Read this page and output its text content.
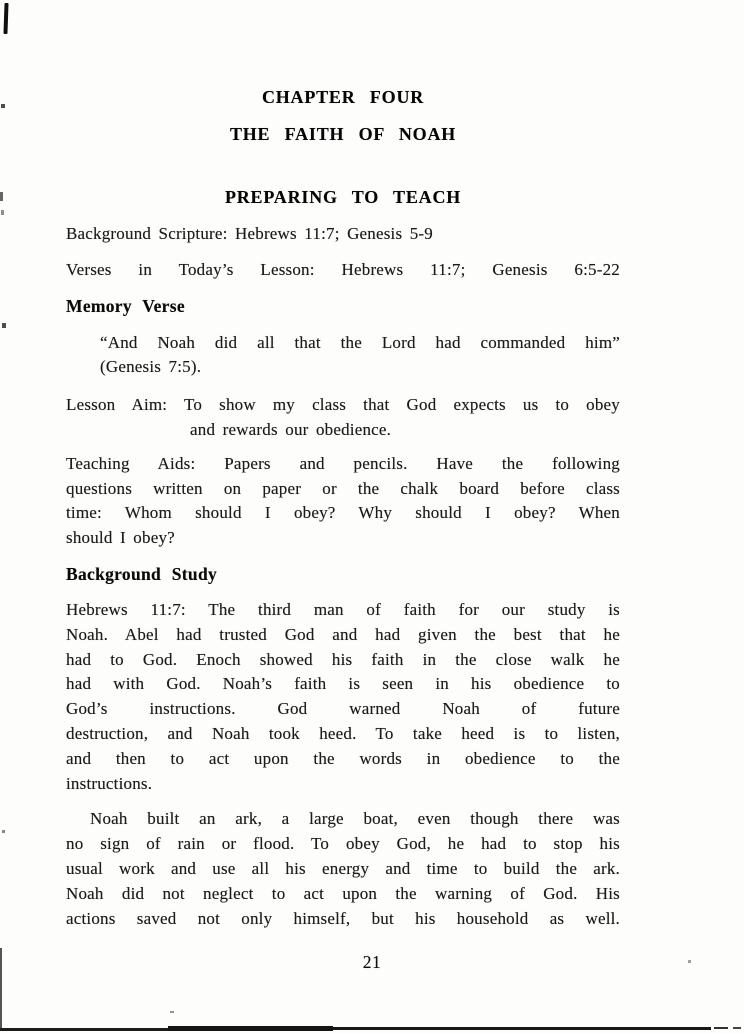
CHAPTER FOUR
THE FAITH OF NOAH
PREPARING TO TEACH
Background Scripture: Hebrews 11:7; Genesis 5-9
Verses in Today’s Lesson: Hebrews 11:7; Genesis 6:5-22
Memory Verse
“And Noah did all that the Lord had commanded him”
(Genesis 7:5).
Lesson Aim: To show my class that God expects us to obey
and rewards our obedience.
Teaching Aids: Papers and pencils. Have the following
questions written on paper or the chalk board before class
time: Whom should I obey? Why should I obey? When
should I obey?
Background Study
Hebrews 11:7: The third man of faith for our study is
Noah. Abel had trusted God and had given the best that he
had to God. Enoch showed his faith in the close walk he
had with God. Noah’s faith is seen in his obedience to
God’s instructions. God warned Noah of future
destruction, and Noah took heed. To take heed is to listen,
and then to act upon the words in obedience to the
instructions.
Noah built an ark, a large boat, even though there was
no sign of rain or flood. To obey God, he had to stop his
usual work and use all his energy and time to build the ark.
Noah did not neglect to act upon the warning of God. His
actions saved not only himself, but his household as well.
21
